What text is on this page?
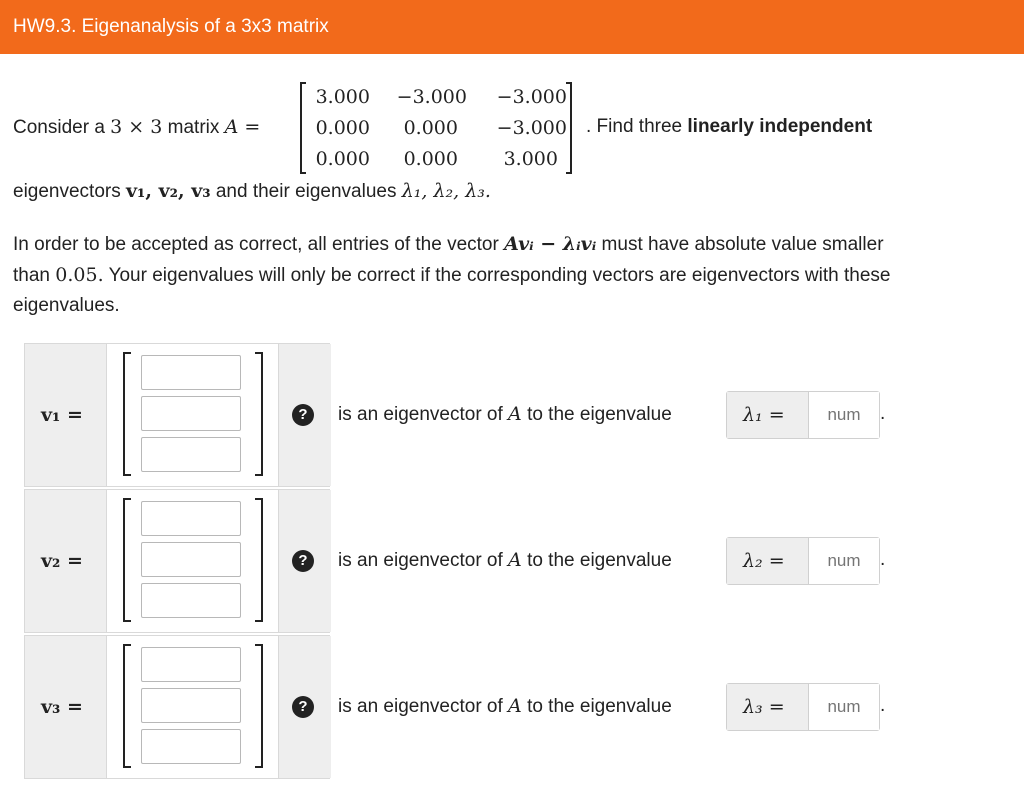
HW9.3. Eigenanalysis of a 3x3 matrix
Consider a 3 × 3 matrix A =
3.000	−3.000	−3.000
0.000	0.000	−3.000
0.000	0.000	3.000
. Find three linearly independent
eigenvectors v₁, v₂, v₃ and their eigenvalues λ₁, λ₂, λ₃.
In order to be accepted as correct, all entries of the vector Avᵢ − λᵢvᵢ must have absolute value smaller
than 0.05. Your eigenvalues will only be correct if the corresponding vectors are eigenvectors with these
eigenvalues.
v₁ =	?	is an eigenvector of A to the eigenvalue	λ₁ =
num	.
v₂ =	?	is an eigenvector of A to the eigenvalue	λ₂ =
num	.
v₃ =	?	is an eigenvector of A to the eigenvalue	λ₃ =
num	.
